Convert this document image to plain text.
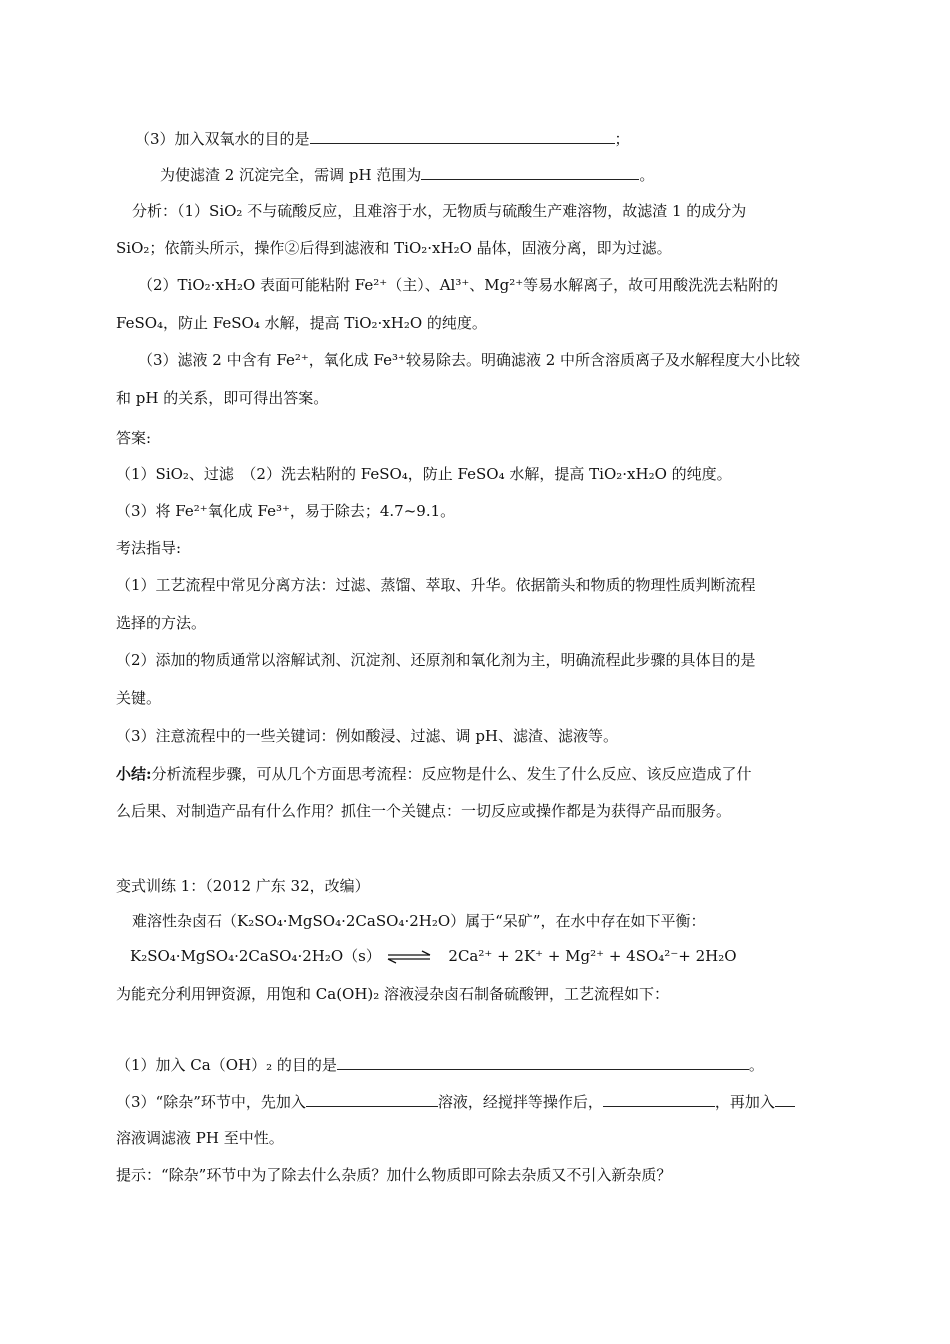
（3）加入双氧水的目的是	；
为使滤渣 2 沉淀完全，需调 pH 范围为	。
分析：（1）SiO₂ 不与硫酸反应，且难溶于水，无物质与硫酸生产难溶物，故滤渣 1 的成分为
SiO₂；依箭头所示，操作②后得到滤液和 TiO₂·xH₂O 晶体，固液分离，即为过滤。
（2）TiO₂·xH₂O 表面可能粘附 Fe²⁺（主）、Al³⁺、Mg²⁺等易水解离子，故可用酸洗洗去粘附的
FeSO₄，防止 FeSO₄ 水解，提高 TiO₂·xH₂O 的纯度。
（3）滤液 2 中含有 Fe²⁺，氧化成 Fe³⁺较易除去。明确滤液 2 中所含溶质离子及水解程度大小比较
和 pH 的关系，即可得出答案。
答案:
（1）SiO₂、过滤　（2）洗去粘附的 FeSO₄，防止 FeSO₄ 水解，提高 TiO₂·xH₂O 的纯度。
（3）将 Fe²⁺氧化成 Fe³⁺，易于除去；4.7~9.1。
考法指导:
（1）工艺流程中常见分离方法：过滤、蒸馏、萃取、升华。依据箭头和物质的物理性质判断流程
选择的方法。
（2）添加的物质通常以溶解试剂、沉淀剂、还原剂和氧化剂为主，明确流程此步骤的具体目的是
关键。
（3）注意流程中的一些关键词：例如酸浸、过滤、调 pH、滤渣、滤液等。
小结:分析流程步骤，可从几个方面思考流程：反应物是什么、发生了什么反应、该反应造成了什
么后果、对制造产品有什么作用？抓住一个关键点：一切反应或操作都是为获得产品而服务。
变式训练 1：（2012 广东 32，改编）
难溶性杂卤石（K₂SO₄·MgSO₄·2CaSO₄·2H₂O）属于“呆矿”，在水中存在如下平衡：
K₂SO₄·MgSO₄·2CaSO₄·2H₂O（s） ⇌ 2Ca²⁺ + 2K⁺ + Mg²⁺ + 4SO₄²⁻+ 2H₂O
为能充分利用钾资源，用饱和 Ca(OH)₂ 溶液浸杂卤石制备硫酸钾，工艺流程如下：
（1）加入 Ca（OH）₂ 的目的是	。
（3）“除杂”环节中，先加入	溶液，经搅拌等操作后，	，再加入
溶液调滤液 PH 至中性。
提示：“除杂”环节中为了除去什么杂质？加什么物质即可除去杂质又不引入新杂质？
